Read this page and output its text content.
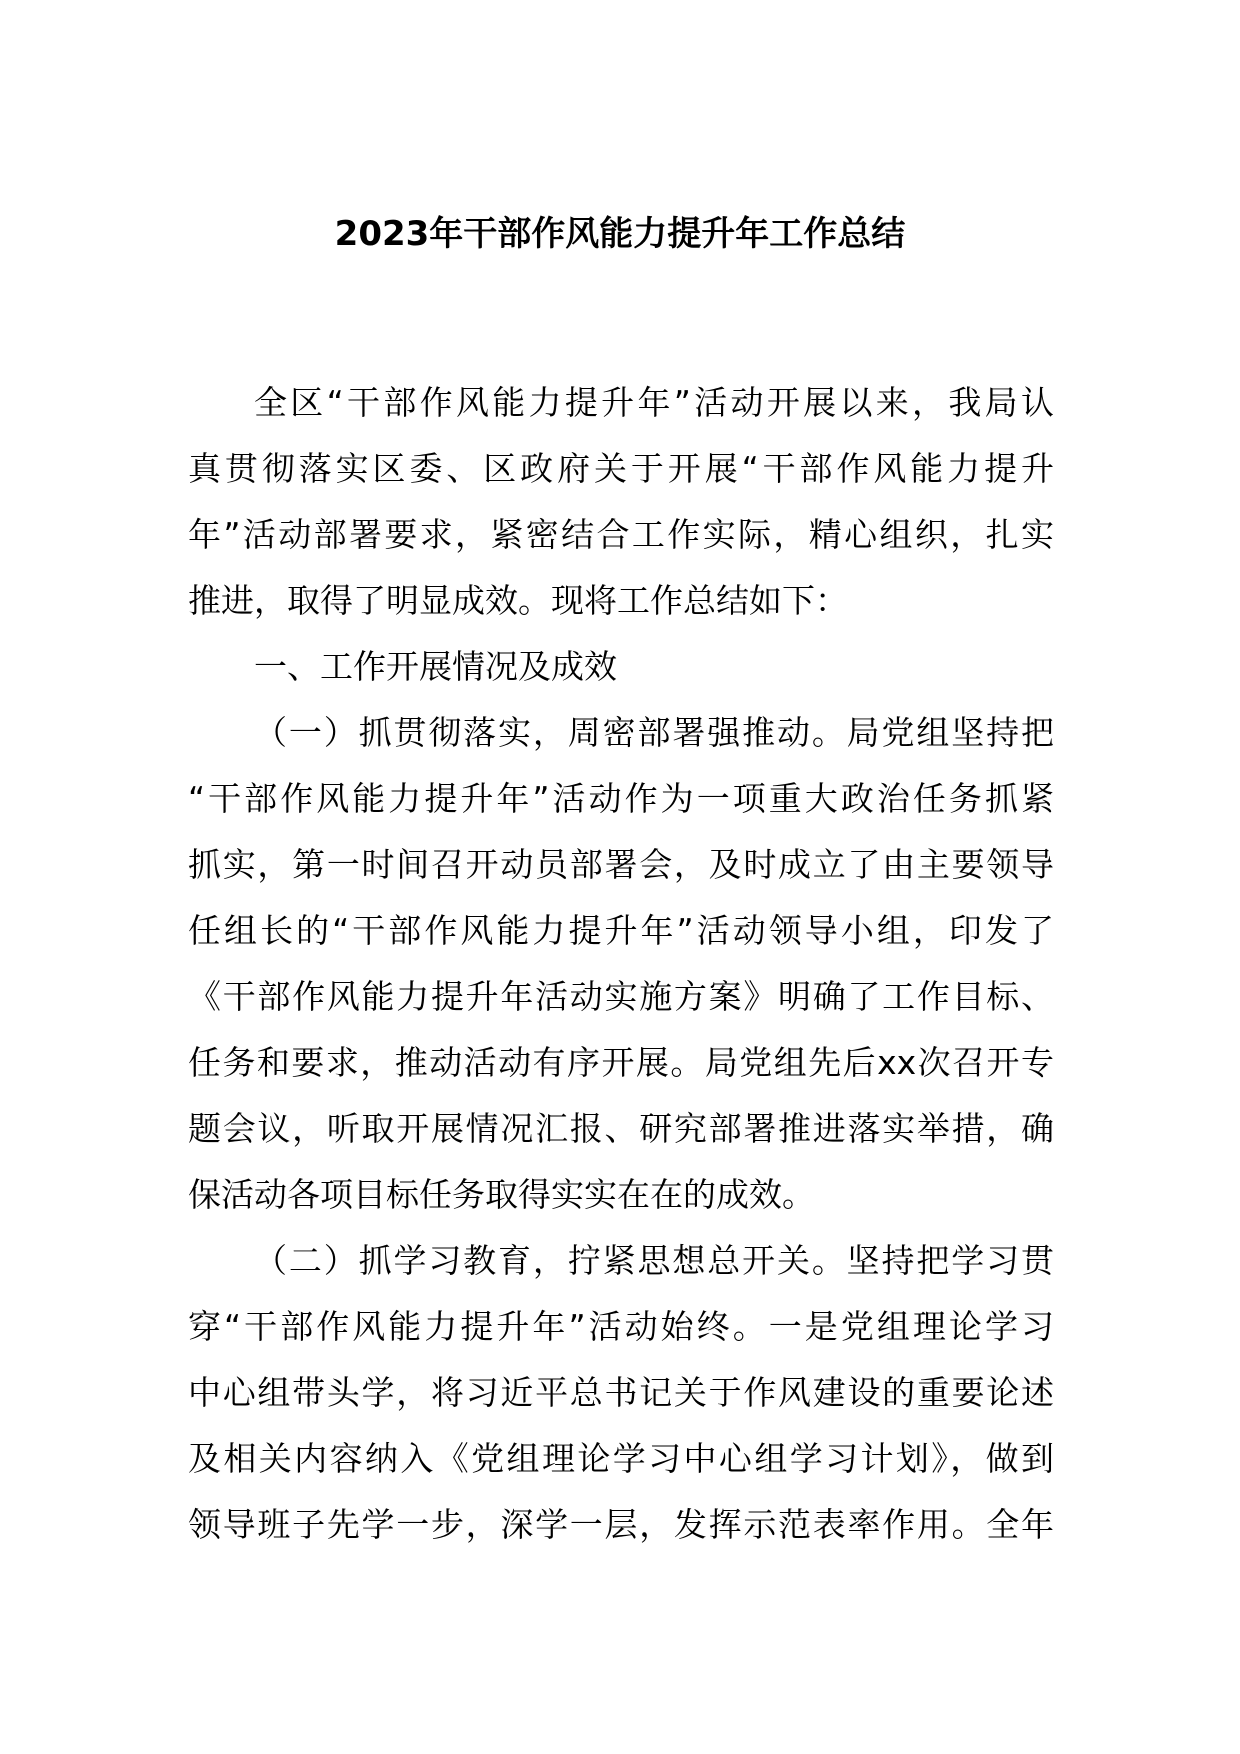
2023年干部作风能力提升年工作总结
全区“干部作风能力提升年”活动开展以来，我局认
真贯彻落实区委、区政府关于开展“干部作风能力提升
年”活动部署要求，紧密结合工作实际，精心组织，扎实
推进，取得了明显成效。现将工作总结如下：
一、工作开展情况及成效
（一）抓贯彻落实，周密部署强推动。局党组坚持把
“干部作风能力提升年”活动作为一项重大政治任务抓紧
抓实，第一时间召开动员部署会，及时成立了由主要领导
任组长的“干部作风能力提升年”活动领导小组，印发了
《干部作风能力提升年活动实施方案》明确了工作目标、
任务和要求，推动活动有序开展。局党组先后xx次召开专
题会议，听取开展情况汇报、研究部署推进落实举措，确
保活动各项目标任务取得实实在在的成效。
（二）抓学习教育，拧紧思想总开关。坚持把学习贯
穿“干部作风能力提升年”活动始终。一是党组理论学习
中心组带头学，将习近平总书记关于作风建设的重要论述
及相关内容纳入《党组理论学习中心组学习计划》，做到
领导班子先学一步，深学一层，发挥示范表率作用。全年
